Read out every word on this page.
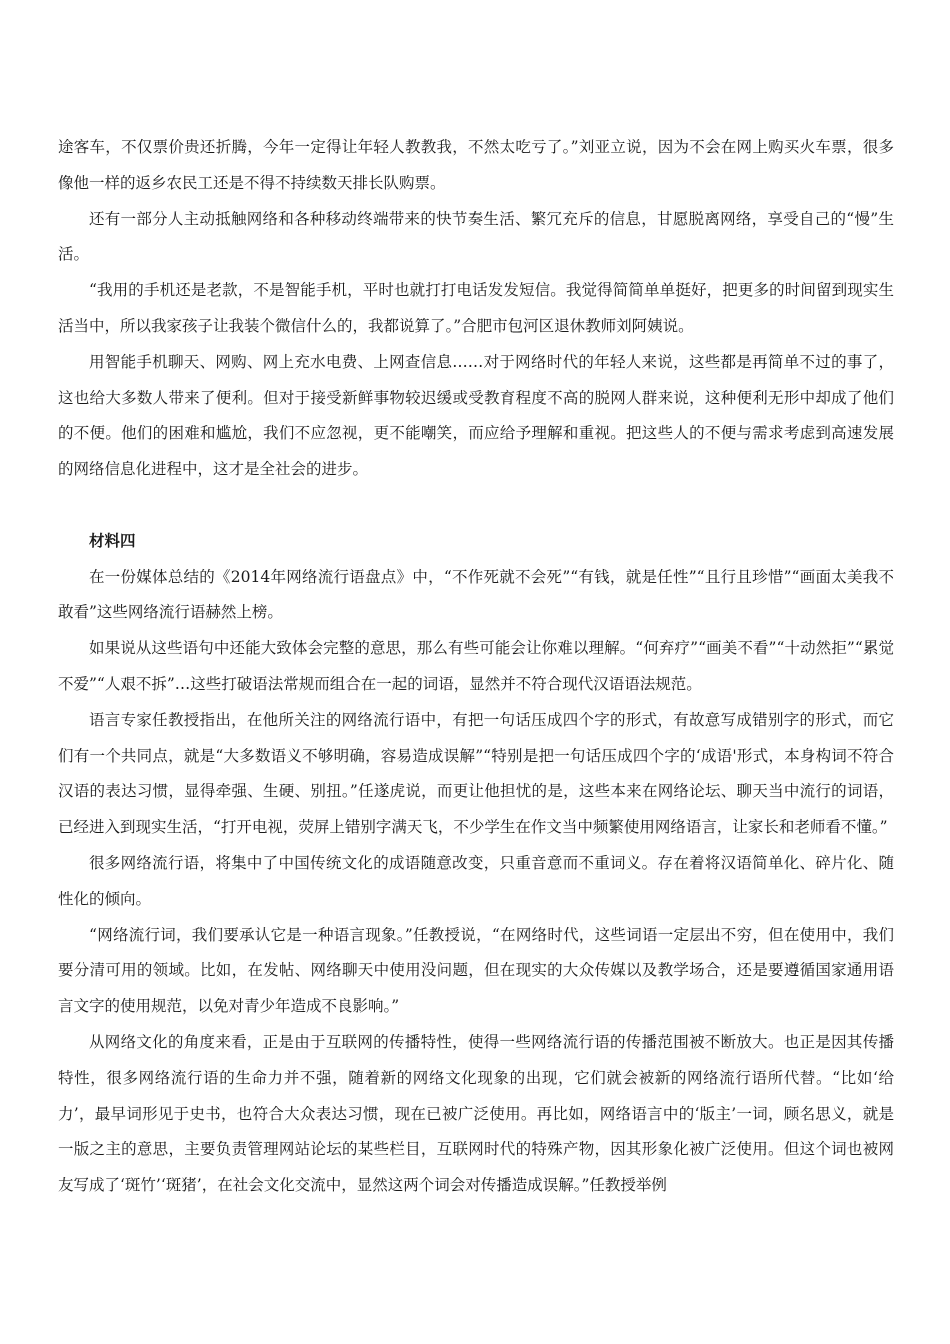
途客车，不仅票价贵还折腾，今年一定得让年轻人教教我，不然太吃亏了。”刘亚立说，因为不会在网上购买火车票，很多像他一样的返乡农民工还是不得不持续数天排长队购票。

还有一部分人主动抵触网络和各种移动终端带来的快节奏生活、繁冗充斥的信息，甘愿脱离网络，享受自己的“慢”生活。

“我用的手机还是老款，不是智能手机，平时也就打打电话发发短信。我觉得简简单单挺好，把更多的时间留到现实生活当中，所以我家孩子让我装个微信什么的，我都说算了。”合肥市包河区退休教师刘阿姨说。

用智能手机聊天、网购、网上充水电费、上网查信息……对于网络时代的年轻人来说，这些都是再简单不过的事了，这也给大多数人带来了便利。但对于接受新鲜事物较迟缓或受教育程度不高的脱网人群来说，这种便利无形中却成了他们的不便。他们的困难和尴尬，我们不应忽视，更不能嘲笑，而应给予理解和重视。把这些人的不便与需求考虑到高速发展的网络信息化进程中，这才是全社会的进步。

材料四

在一份媒体总结的《2014年网络流行语盘点》中，“不作死就不会死”“有钱，就是任性”“且行且珍惜”“画面太美我不敢看”这些网络流行语赫然上榜。

如果说从这些语句中还能大致体会完整的意思，那么有些可能会让你难以理解。“何弃疗”“画美不看”“十动然拒”“累觉不爱”“人艰不拆”…这些打破语法常规而组合在一起的词语，显然并不符合现代汉语语法规范。

语言专家任教授指出，在他所关注的网络流行语中，有把一句话压成四个字的形式，有故意写成错别字的形式，而它们有一个共同点，就是“大多数语义不够明确，容易造成误解”“特别是把一句话压成四个字的‘成语'形式，本身构词不符合汉语的表达习惯，显得牵强、生硬、别扭。”任遂虎说，而更让他担忧的是，这些本来在网络论坛、聊天当中流行的词语，已经进入到现实生活，“打开电视，荧屏上错别字满天飞，不少学生在作文当中频繁使用网络语言，让家长和老师看不懂。”

很多网络流行语，将集中了中国传统文化的成语随意改变，只重音意而不重词义。存在着将汉语简单化、碎片化、随性化的倾向。

“网络流行词，我们要承认它是一种语言现象。”任教授说，“在网络时代，这些词语一定层出不穷，但在使用中，我们要分清可用的领域。比如，在发帖、网络聊天中使用没问题，但在现实的大众传媒以及教学场合，还是要遵循国家通用语言文字的使用规范，以免对青少年造成不良影响。”

从网络文化的角度来看，正是由于互联网的传播特性，使得一些网络流行语的传播范围被不断放大。也正是因其传播特性，很多网络流行语的生命力并不强，随着新的网络文化现象的出现，它们就会被新的网络流行语所代替。“比如‘给力’，最早词形见于史书，也符合大众表达习惯，现在已被广泛使用。再比如，网络语言中的‘版主’一词，顾名思义，就是一版之主的意思，主要负责管理网站论坛的某些栏目，互联网时代的特殊产物，因其形象化被广泛使用。但这个词也被网友写成了‘斑竹’‘斑猪’，在社会文化交流中，显然这两个词会对传播造成误解。”任教授举例
